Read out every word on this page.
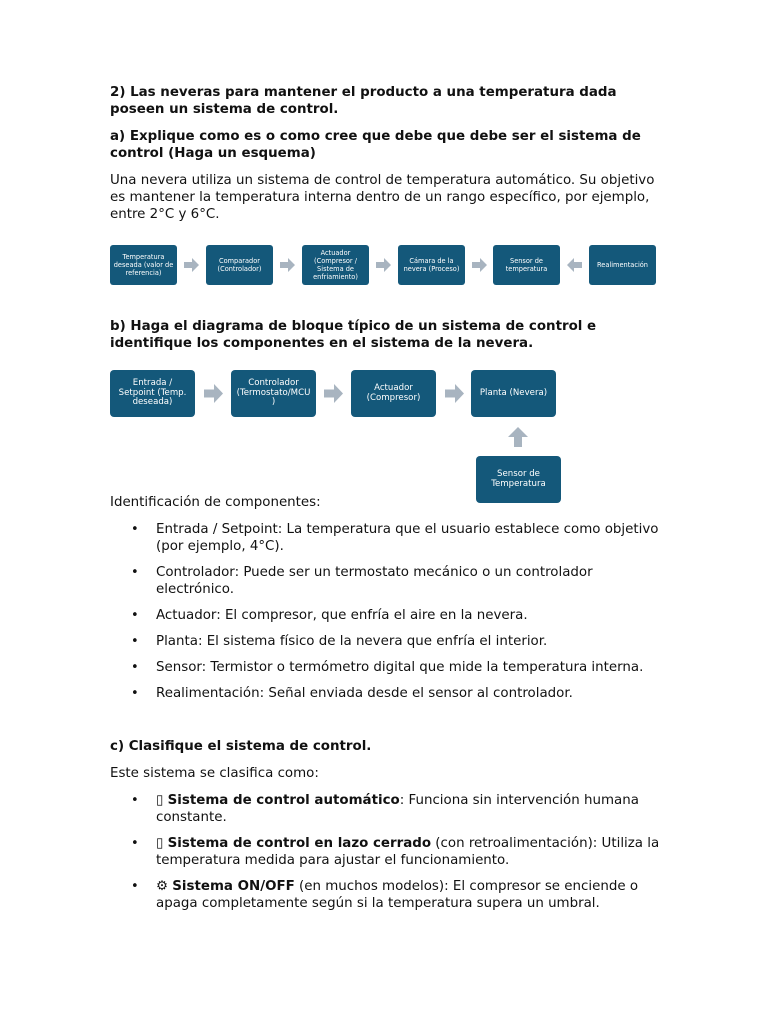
2) Las neveras para mantener el producto a una temperatura dada poseen un sistema de control.

a) Explique como es o como cree que debe que debe ser el sistema de control (Haga un esquema)

Una nevera utiliza un sistema de control de temperatura automático. Su objetivo es mantener la temperatura interna dentro de un rango específico, por ejemplo, entre 2°C y 6°C.

Temperatura deseada (valor de referencia)
Comparador (Controlador)
Actuador (Compresor / Sistema de enfriamiento)
Cámara de la nevera (Proceso)
Sensor de temperatura	Realimentación

b) Haga el diagrama de bloque típico de un sistema de control e identifique los componentes en el sistema de la nevera.

Entrada / Setpoint (Temp. deseada)
Controlador (Termostato/MCU )
Actuador (Compresor)	Planta (Nevera)
Sensor de Temperatura

Identificación de componentes:

• Entrada / Setpoint: La temperatura que el usuario establece como objetivo (por ejemplo, 4°C).
• Controlador: Puede ser un termostato mecánico o un controlador electrónico.
• Actuador: El compresor, que enfría el aire en la nevera.
• Planta: El sistema físico de la nevera que enfría el interior.
• Sensor: Termistor o termómetro digital que mide la temperatura interna.
• Realimentación: Señal enviada desde el sensor al controlador.

c) Clasifique el sistema de control.

Este sistema se clasifica como:

• ▯ Sistema de control automático: Funciona sin intervención humana constante.
• ▯ Sistema de control en lazo cerrado (con retroalimentación): Utiliza la temperatura medida para ajustar el funcionamiento.
• ⚙ Sistema ON/OFF (en muchos modelos): El compresor se enciende o apaga completamente según si la temperatura supera un umbral.
